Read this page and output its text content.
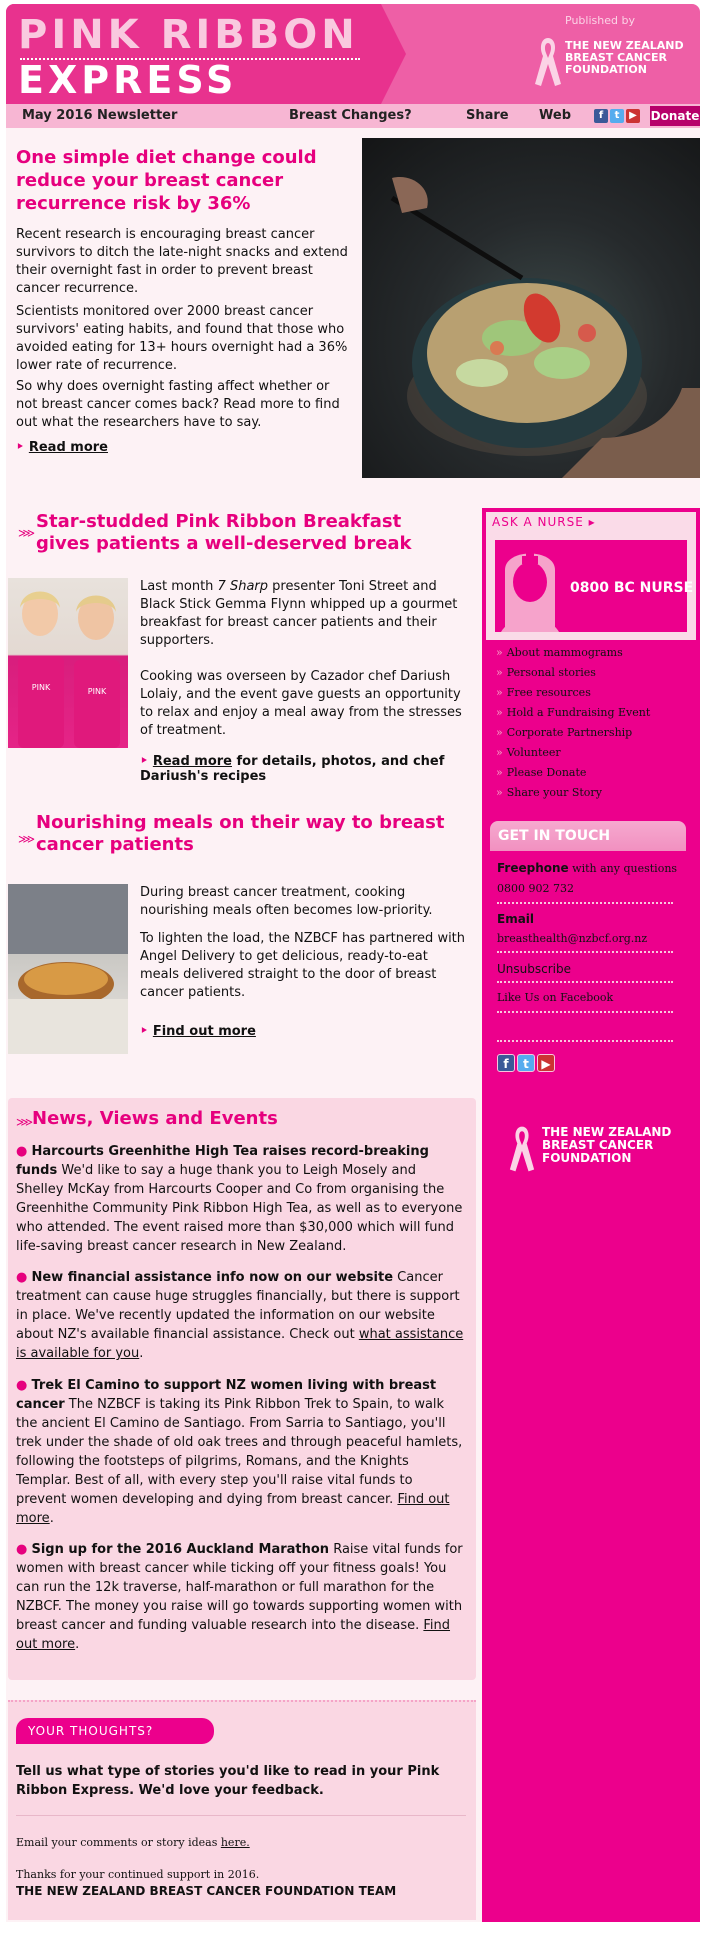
PINK RIBBON
EXPRESS
Published by
THE NEW ZEALAND BREAST CANCER FOUNDATION
May 2016 Newsletter	Breast Changes?	Share Web	f	t ▶ Donate
One simple diet change could reduce your breast cancer recurrence risk by 36%

Recent research is encouraging breast cancer survivors to ditch the late-night snacks and extend their overnight fast in order to prevent breast cancer recurrence.

Scientists monitored over 2000 breast cancer survivors' eating habits, and found that those who avoided eating for 13+ hours overnight had a 36% lower rate of recurrence.

So why does overnight fasting affect whether or not breast cancer comes back? Read more to find out what the researchers have to say.

‣ Read more
⋙
Star-studded Pink Ribbon Breakfast gives patients a well-deserved break
PINK	PINK

Last month 7 Sharp presenter Toni Street and Black Stick Gemma Flynn whipped up a gourmet breakfast for breast cancer patients and their supporters.

Cooking was overseen by Cazador chef Dariush Lolaiy, and the event gave guests an opportunity to relax and enjoy a meal away from the stresses of treatment.

‣ Read more for details, photos, and chef Dariush's recipes
⋙
Nourishing meals on their way to breast cancer patients

During breast cancer treatment, cooking nourishing meals often becomes low-priority.

To lighten the load, the NZBCF has partnered with Angel Delivery to get delicious, ready-to-eat meals delivered straight to the door of breast cancer patients.

‣ Find out more
⋙
News, Views and Events
● Harcourts Greenhithe High Tea raises record-breaking funds We'd like to say a huge thank you to Leigh Mosely and Shelley McKay from Harcourts Cooper and Co from organising the Greenhithe Community Pink Ribbon High Tea, as well as to everyone who attended. The event raised more than $30,000 which will fund life-saving breast cancer research in New Zealand.
● New financial assistance info now on our website Cancer treatment can cause huge struggles financially, but there is support in place. We've recently updated the information on our website about NZ's available financial assistance. Check out what assistance is available for you.
● Trek El Camino to support NZ women living with breast cancer The NZBCF is taking its Pink Ribbon Trek to Spain, to walk the ancient El Camino de Santiago. From Sarria to Santiago, you'll trek under the shade of old oak trees and through peaceful hamlets, following the footsteps of pilgrims, Romans, and the Knights Templar. Best of all, with every step you'll raise vital funds to prevent women developing and dying from breast cancer. Find out more.
● Sign up for the 2016 Auckland Marathon Raise vital funds for women with breast cancer while ticking off your fitness goals! You can run the 12k traverse, half-marathon or full marathon for the NZBCF. The money you raise will go towards supporting women with breast cancer and funding valuable research into the disease. Find out more.
YOUR THOUGHTS?
Tell us what type of stories you'd like to read in your Pink Ribbon Express. We'd love your feedback.
Email your comments or story ideas here.
Thanks for your continued support in 2016.
THE NEW ZEALAND BREAST CANCER FOUNDATION TEAM
ASK A NURSE ▸
0800 BC NURSE
» About mammograms
» Personal stories
» Free resources
» Hold a Fundraising Event
» Corporate Partnership
» Volunteer
» Please Donate
» Share your Story
GET IN TOUCH
Freephone with any questions
0800 902 732
Email
breasthealth@nzbcf.org.nz
Unsubscribe
Like Us on Facebook
f	t	▶
THE NEW ZEALAND BREAST CANCER FOUNDATION
